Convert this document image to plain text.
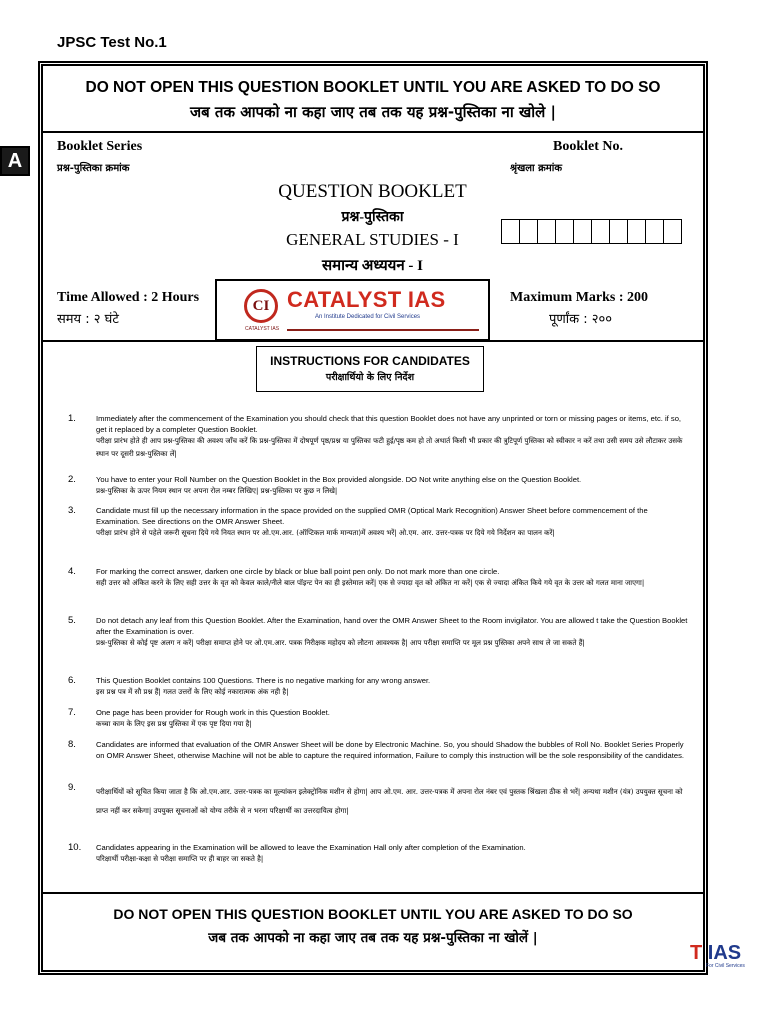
JPSC Test No.1
DO NOT OPEN THIS QUESTION BOOKLET UNTIL YOU ARE ASKED TO DO SO
जब तक आपको ना कहा जाए तब तक यह प्रश्न-पुस्तिका ना खोले |
A
Booklet Series
प्रश्न-पुस्तिका क्रमांक
Booklet No.
श्रृंखला क्रमांक
QUESTION BOOKLET
प्रश्न-पुस्तिका
GENERAL STUDIES - I
समान्य अध्ययन - I
Time Allowed : 2 Hours
समय : २ घंटे
Maximum Marks : 200
पूर्णांक : २००
CI CATALYST IAS
An Institute Dedicated for Civil Services
CATALYST IAS
INSTRUCTIONS FOR CANDIDATES
परीक्षार्थियो के लिए निर्देश
1.	Immediately after the commencement of the Examination you should check that this question Booklet does not have any unprinted or torn or missing pages or items, etc. if so, get it replaced by a completer Question Booklet.
परीक्षा प्रारंभ होते ही आप प्रश्न-पुस्तिका की अवश्य जाँच करें कि प्रश्न-पुस्तिका में दोषपूर्ण पृष्ठ/प्रश्न या पुस्तिका फटी हुई/पृष्ठ कम हो तो अथार्त किसी भी प्रकार की त्रुटिपूर्ण पुस्तिका को स्वीकार न करें तथा उसी समय उसे लौटाकर उसके स्थान पर दूसरी प्रश्न-पुस्तिका लें|
2.	You have to enter your Roll Number on the Question Booklet in the Box provided alongside. DO Not write anything else on the Question Booklet.
प्रश्न-पुस्तिका के ऊपर नियम स्थान पर अपना रोल नम्बर लिखिए| प्रश्न-पुस्तिका पर कुछ न लिखे|
3.	Candidate must fill up the necessary information in the space provided on the supplied OMR (Optical Mark Recognition) Answer Sheet before commencement of the Examination. See directions on the OMR Answer Sheet.
परीक्षा प्रारंभ होने से पहेले जरूरी सूचना दिये गये नियत स्थान पर ओ.एम.आर. (ऑप्टिकल मार्क मान्यता)में अवश्य भरें| ओ.एम. आर. उत्तर-पत्रक पर दिये गये निर्देशन का पालन करें|
4.	For marking the correct answer, darken one circle by black or blue ball point pen only. Do not mark more than one circle.
सही उत्तर को अंकित करने के लिए सही उत्तर के वृत को केवल काले/नीले बाल पॉइन्ट पेन का ही इस्तेमाल करें| एक से ज्यादा वृत को अंकित ना करें| एक से ज्यादा अंकित किये गये वृत के उत्तर को गलत माना जाएगा|
5.	Do not detach any leaf from this Question Booklet. After the Examination, hand over the OMR Answer Sheet to the Room invigilator. You are allowed t take the Question Booklet after the Examination is over.
प्रश्न-पुस्तिका से कोई पृष्ट अलग न करें| परीक्षा समाप्त होने पर ओ.एम.आर. पत्रक निरीक्षक महोदय को लौटना आवश्यक है| आप परीक्षा समाप्ति पर मूल प्रश्न पुस्तिका अपने साथ ले जा सकते हैं|
6.	This Question Booklet contains 100 Questions. There is no negative marking for any wrong answer.
इस प्रश्न पत्र में सौ प्रश्न हैं| गलत उत्तरों के लिए कोई नकारात्मक अंक नही है|
7.	One page has been provider for Rough work in this Question Booklet.
कच्चा काम के लिए इस प्रश्न पुस्तिका में एक पृष्ट दिया गया है|
8.	Candidates are informed that evaluation of the OMR Answer Sheet will be done by Electronic Machine. So, you should Shadow the bubbles of Roll No. Booklet Series Properly on OMR Answer Sheet, otherwise Machine will not be able to capture the required information, Failure to comply this instruction will be the sole responsibility of the candidates.
9.	परीक्षार्थियों को सूचित किया जाता है कि ओ.एम.आर. उत्तर-पत्रक का मूल्यांकन इलेक्ट्रोनिक मशीन से होगा| आप ओ.एम. आर. उत्तर-पत्रक में अपना रोल नंबर एवं पुस्तक श्रिंखला ठीक से भरें| अन्यथा मशीन (यंत्र) उपयुक्त सूचना को प्राप्त नहीं कर सकेगा| उपयुक्त सूचनाओं को योग्य तरीके से न भरना परिक्षार्थी का उत्तरदायित्व होगा|
10. Candidates appearing in the Examination will be allowed to leave the Examination Hall only after completion of the Examination.
परिक्षार्थी परीक्षा-कक्षा से परीक्षा समाप्ति पर ही बाहर जा सकते है|
DO NOT OPEN THIS QUESTION BOOKLET UNTIL YOU ARE ASKED TO DO SO
जब तक आपको ना कहा जाए तब तक यह प्रश्न-पुस्तिका ना खोलें |
T IAS
For Civil Services
